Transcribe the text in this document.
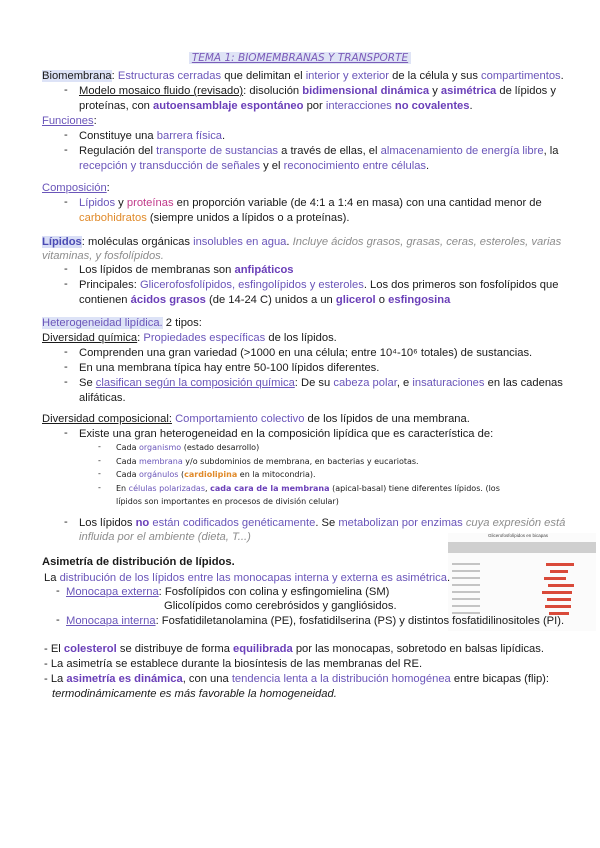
TEMA 1: BIOMEMBRANAS Y TRANSPORTE
Biomembrana: Estructuras cerradas que delimitan el interior y exterior de la célula y sus compartimentos.
- Modelo mosaico fluido (revisado): disolución bidimensional dinámica y asimétrica de lípidos y
proteínas, con autoensamblaje espontáneo por interacciones no covalentes.
Funciones:
- Constituye una barrera física.
- Regulación del transporte de sustancias a través de ellas, el almacenamiento de energía libre, la
recepción y transducción de señales y el reconocimiento entre células.
Composición:
- Lípidos y proteínas en proporción variable (de 4:1 a 1:4 en masa) con una cantidad menor de
carbohidratos (siempre unidos a lípidos o a proteínas).
Lípidos: moléculas orgánicas insolubles en agua. Incluye ácidos grasos, grasas, ceras, esteroles, varias
vitaminas, y fosfolípidos.
- Los lípidos de membranas son anfipáticos
- Principales: Glicerofosfolípidos, esfingolípidos y esteroles. Los dos primeros son fosfolípidos que
contienen ácidos grasos (de 14-24 C) unidos a un glicerol o esfingosina
Heterogeneidad lipídica. 2 tipos:
Diversidad química: Propiedades específicas de los lípidos.
- Comprenden una gran variedad (>1000 en una célula; entre 10⁴-10⁶ totales) de sustancias.
- En una membrana típica hay entre 50-100 lípidos diferentes.
- Se clasifican según la composición química: De su cabeza polar, e insaturaciones en las cadenas
alifáticas.
Diversidad composicional: Comportamiento colectivo de los lípidos de una membrana.
- Existe una gran heterogeneidad en la composición lipídica que es característica de:
- Cada organismo (estado desarrollo)
- Cada membrana y/o subdominios de membrana, en bacterias y eucariotas.
- Cada orgánulos (cardiolipina en la mitocondria).
- En células polarizadas, cada cara de la membrana (apical-basal) tiene diferentes lípidos. (los
lípidos son importantes en procesos de división celular)
- Los lípidos no están codificados genéticamente. Se metabolizan por enzimas cuya expresión está
influida por el ambiente (dieta, T...)	Glicerofosfolípidos en bicapas
Asimetría de distribución de lípidos.
La distribución de los lípidos entre las monocapas interna y externa es asimétrica.
- Monocapa externa: Fosfolípidos con colina y esfingomielina (SM)
Glicolípidos como cerebrósidos y gangliósidos.
- Monocapa interna: Fosfatidiletanolamina (PE), fosfatidilserina (PS) y distintos fosfatidilinositoles (PI).
- El colesterol se distribuye de forma equilibrada por las monocapas, sobretodo en balsas lipídicas.
- La asimetría se establece durante la biosíntesis de las membranas del RE.
- La asimetría es dinámica, con una tendencia lenta a la distribución homogénea entre bicapas (flip):
termodinámicamente es más favorable la homogeneidad.
